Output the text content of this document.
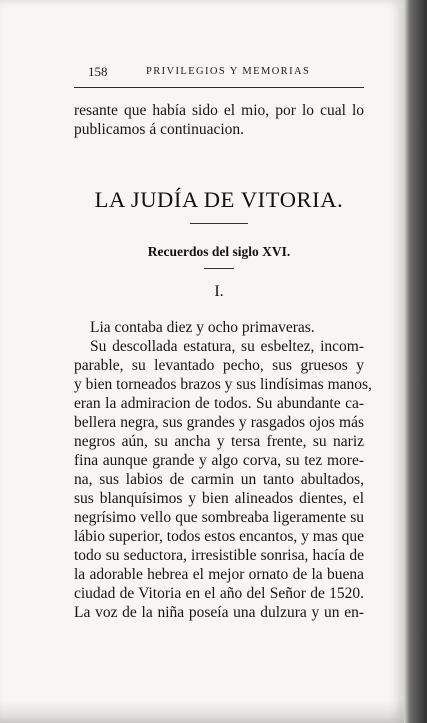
158	PRIVILEGIOS Y MEMORIAS
resante que había sido el mio, por lo cual lo
publicamos á continuacion.
LA JUDÍA DE VITORIA.
Recuerdos del siglo XVI.
I.
Lia contaba diez y ocho primaveras.
Su descollada estatura, su esbeltez, incom-
parable, su levantado pecho, sus gruesos y
y bien torneados brazos y sus lindísimas manos,
eran la admiracion de todos. Su abundante ca-
bellera negra, sus grandes y rasgados ojos más
negros aún, su ancha y tersa frente, su nariz
fina aunque grande y algo corva, su tez more-
na, sus labios de carmin un tanto abultados,
sus blanquísimos y bien alineados dientes, el
negrísimo vello que sombreaba ligeramente su
lábio superior, todos estos encantos, y mas que
todo su seductora, irresistible sonrisa, hacía de
la adorable hebrea el mejor ornato de la buena
ciudad de Vitoria en el año del Señor de 1520.
La voz de la niña poseía una dulzura y un en-
